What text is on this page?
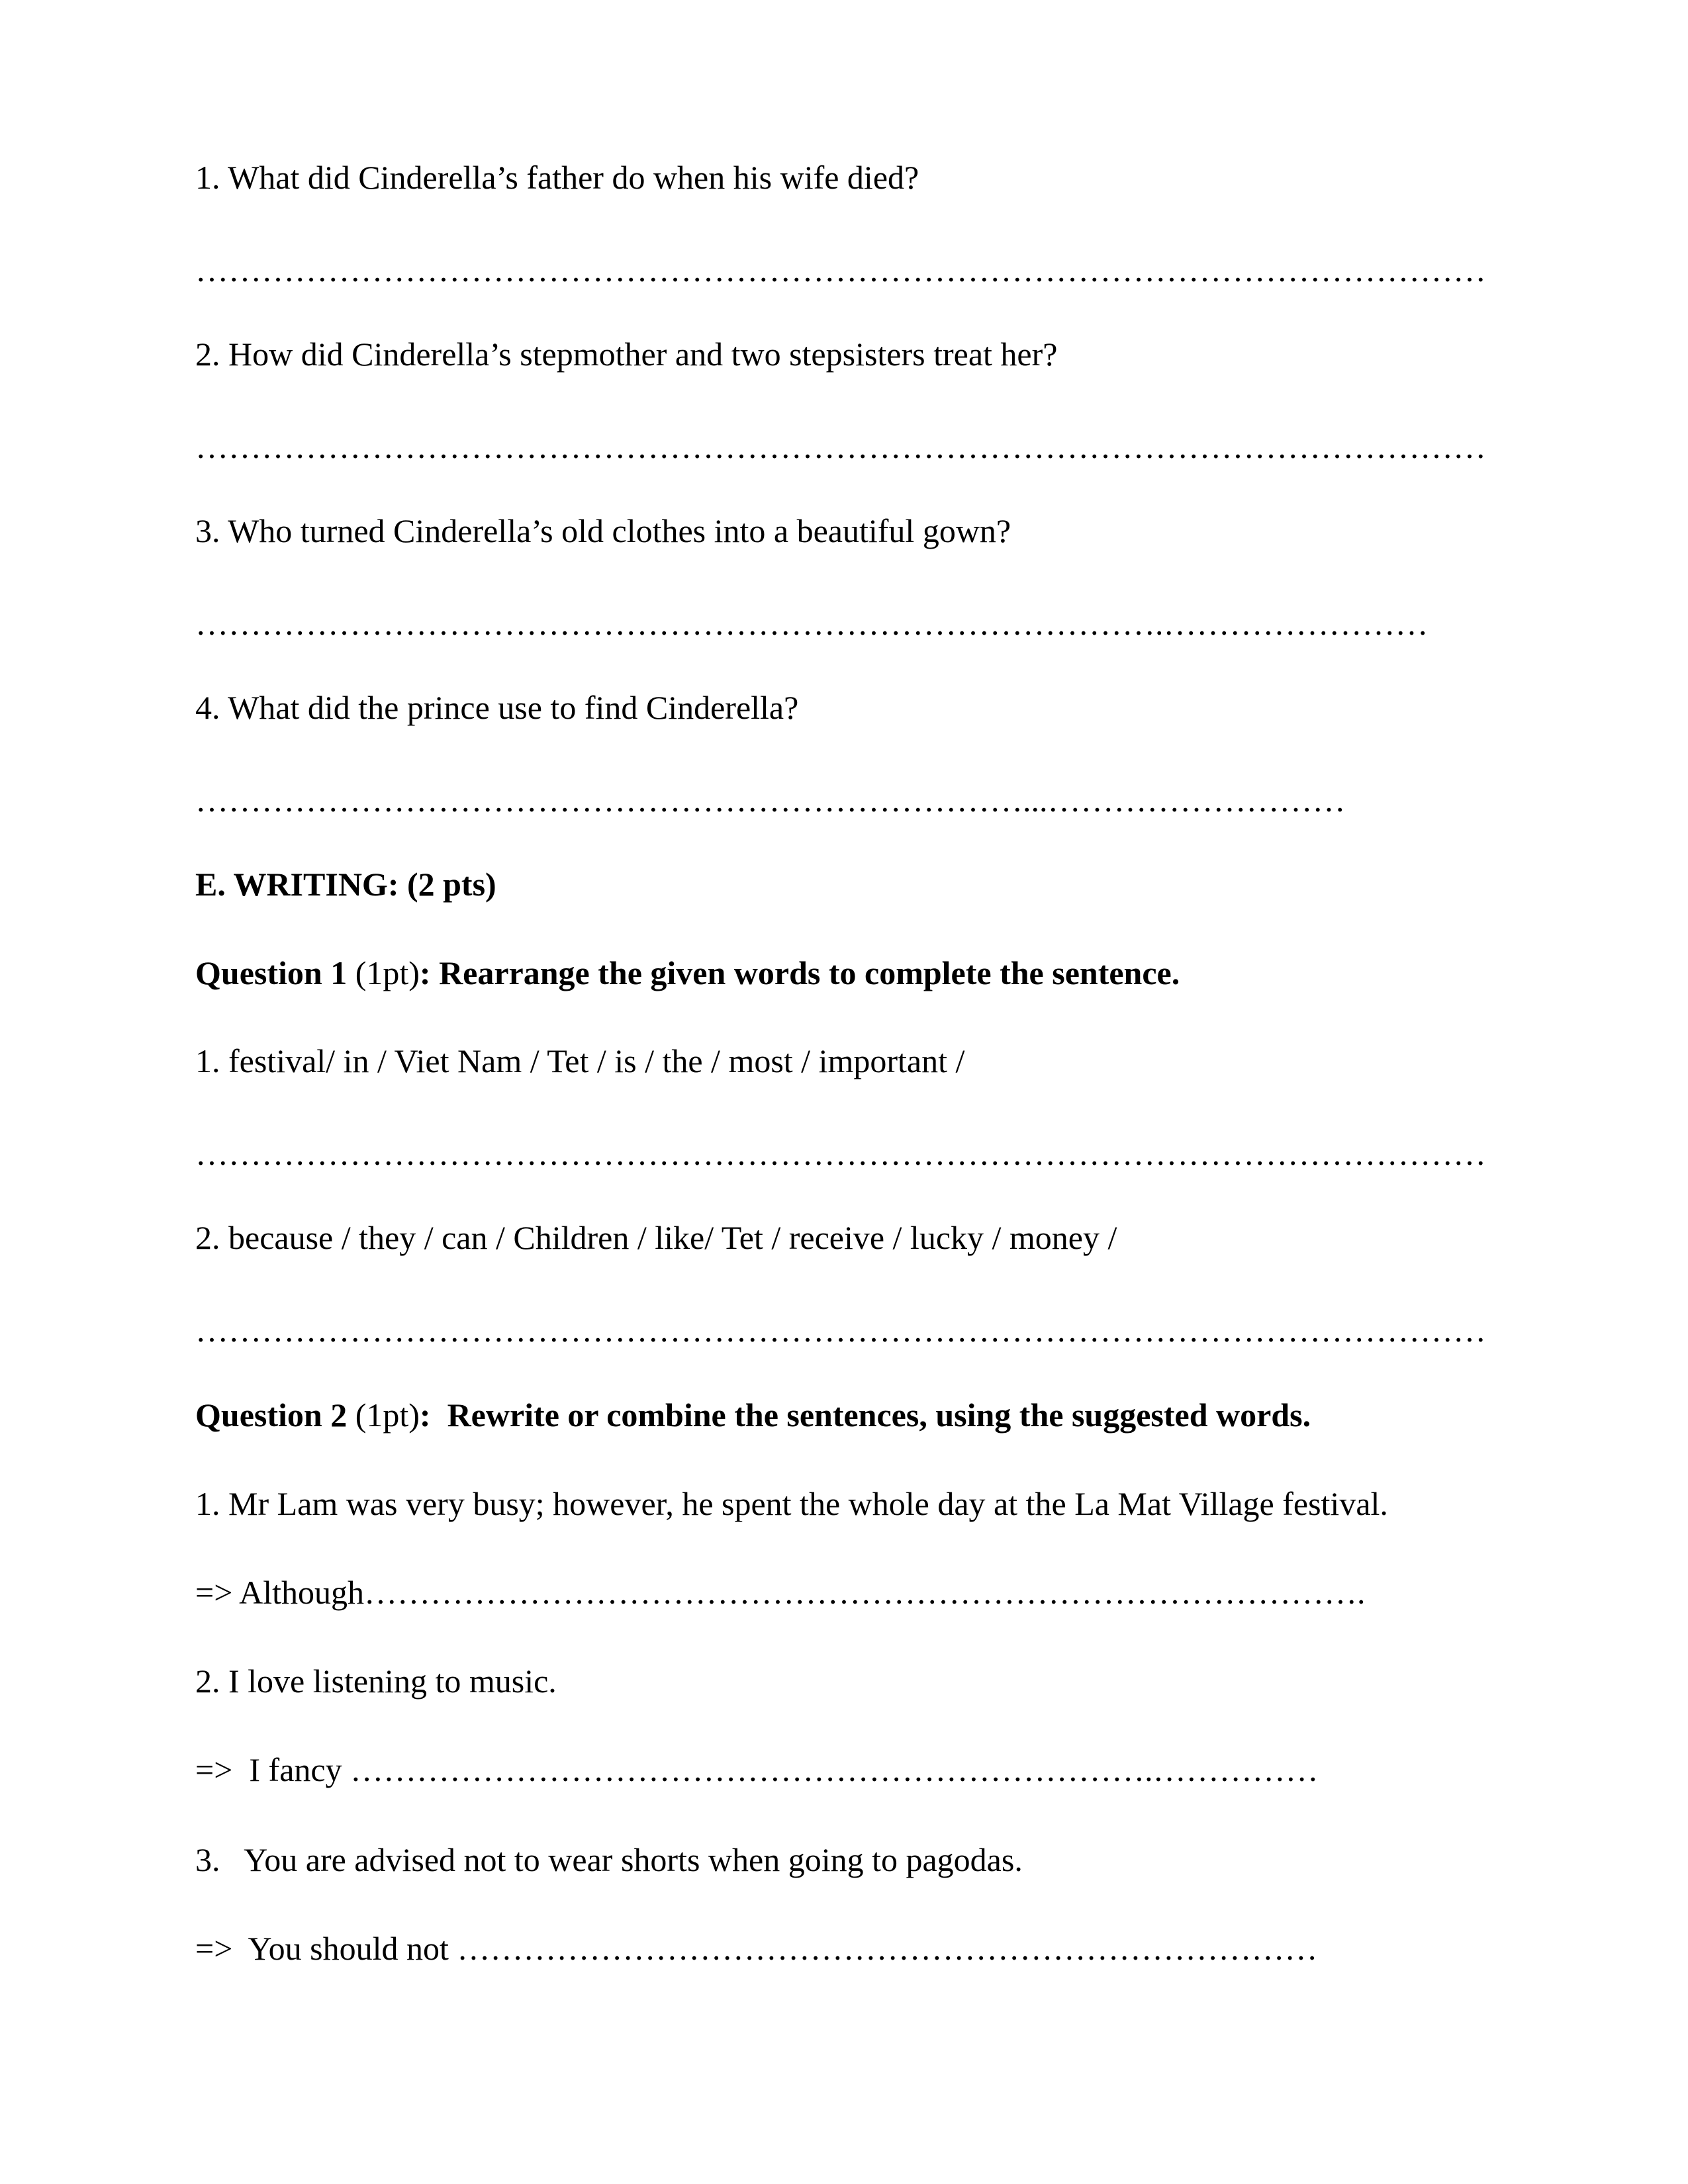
1. What did Cinderella’s father do when his wife died?

………………………………………………………………………………………………………

2. How did Cinderella’s stepmother and two stepsisters treat her?

………………………………………………………………………………………………………

3. Who turned Cinderella’s old clothes into a beautiful gown?

…………………………………………………………………………….……………………

4. What did the prince use to find Cinderella?

…………………………………………………………………...………………………

E. WRITING: (2 pts)

Question 1 (1pt): Rearrange the given words to complete the sentence.

1. festival/ in / Viet Nam / Tet / is / the / most / important /

………………………………………………………………………………………………………

2. because / they / can / Children / like/ Tet / receive / lucky / money /

………………………………………………………………………………………………………

Question 2 (1pt):  Rewrite or combine the sentences, using the suggested words.

1. Mr Lam was very busy; however, he spent the whole day at the La Mat Village festival.

=> Although……………………………………………………………………………….

2. I love listening to music.

=>  I fancy ……………………………………………………………….……………

3.   You are advised not to wear shorts when going to pagodas.

=>  You should not ……………………………………………………………………
